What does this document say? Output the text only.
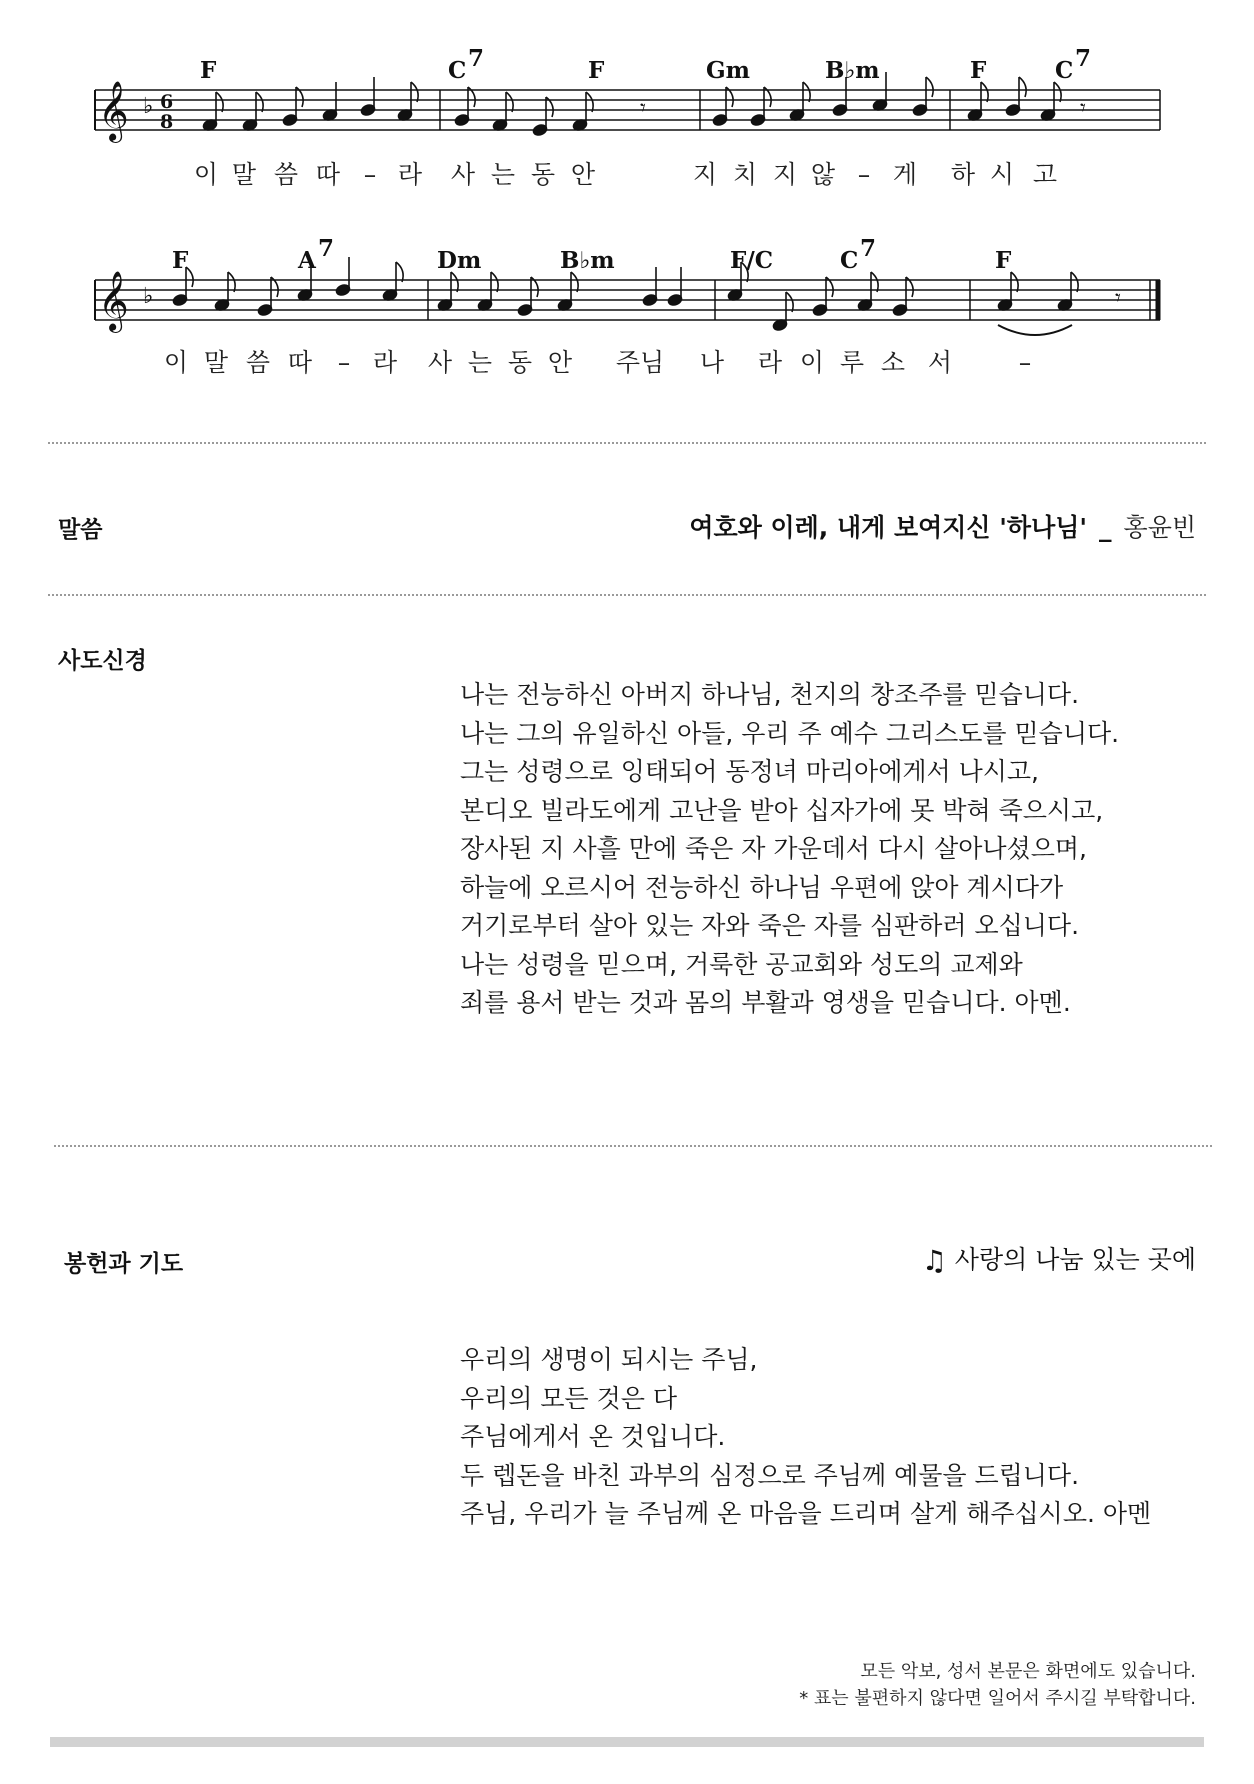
𝄞 ♭ 6
8
F	C 7	F	Gm	B♭m	F	C 7
이 말 씀 따 – 라 사 는 동 안	지 치 지 않 – 게 하 시 고
𝄞 ♭
F	A 7	Dm	B♭m	F/C	C 7	F
이 말 씀 따 – 라 사 는 동 안 주님 나 라 이 루 소 서	–
𝄾
𝄾
𝄾
말씀	여호와 이레, 내게 보여지신 '하나님' _ 홍윤빈
사도신경
나는 전능하신 아버지 하나님, 천지의 창조주를 믿습니다.
나는 그의 유일하신 아들, 우리 주 예수 그리스도를 믿습니다.
그는 성령으로 잉태되어 동정녀 마리아에게서 나시고,
본디오 빌라도에게 고난을 받아 십자가에 못 박혀 죽으시고,
장사된 지 사흘 만에 죽은 자 가운데서 다시 살아나셨으며,
하늘에 오르시어 전능하신 하나님 우편에 앉아 계시다가
거기로부터 살아 있는 자와 죽은 자를 심판하러 오십니다.
나는 성령을 믿으며, 거룩한 공교회와 성도의 교제와
죄를 용서 받는 것과 몸의 부활과 영생을 믿습니다. 아멘.
봉헌과 기도	♫ 사랑의 나눔 있는 곳에
우리의 생명이 되시는 주님,
우리의 모든 것은 다
주님에게서 온 것입니다.
두 렙돈을 바친 과부의 심정으로 주님께 예물을 드립니다.
주님, 우리가 늘 주님께 온 마음을 드리며 살게 해주십시오. 아멘
모든 악보, 성서 본문은 화면에도 있습니다.
* 표는 불편하지 않다면 일어서 주시길 부탁합니다.
